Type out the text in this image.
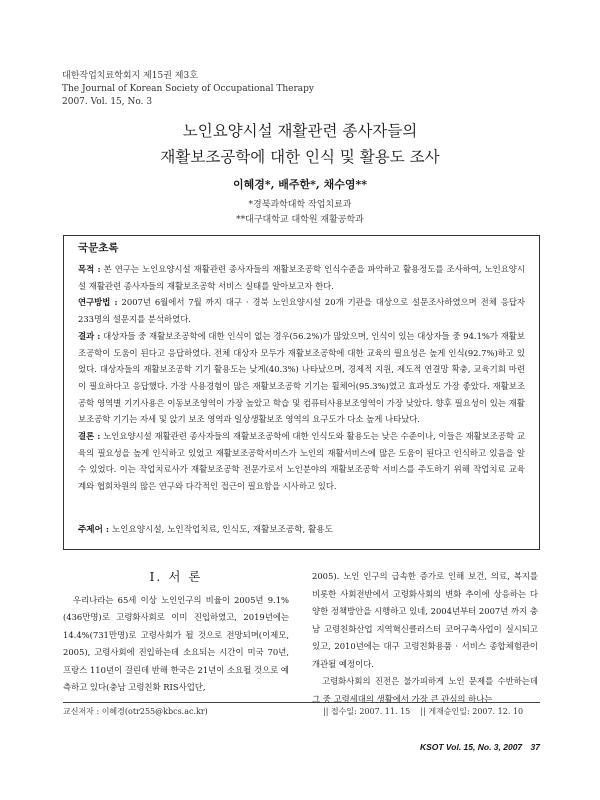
대한작업치료학회지 제15권 제3호
The Journal of Korean Society of Occupational Therapy
2007. Vol. 15, No. 3
노인요양시설 재활관련 종사자들의
재활보조공학에 대한 인식 및 활용도 조사
이혜경*, 배주한*, 채수영**
*경북과학대학 작업치료과
**대구대학교 대학원 재활공학과
국문초록
목적 : 본 연구는 노인요양시설 재활관련 종사자들의 재활보조공학 인식수준을 파악하고 활용정도를 조사하여, 노인요양시설 재활관련 종사자들의 재활보조공학 서비스 실태를 알아보고자 한다.
연구방법 : 2007년 6월에서 7월 까지 대구 · 경북 노인요양시설 20개 기관을 대상으로 설문조사하였으며 전체 응답자 233명의 설문지를 분석하였다.
결과 : 대상자들 중 재활보조공학에 대한 인식이 없는 경우(56.2%)가 많았으며, 인식이 있는 대상자들 중 94.1%가 재활보조공학이 도움이 된다고 응답하였다. 전체 대상자 모두가 재활보조공학에 대한 교육의 필요성은 높게 인식(92.7%)하고 있었다. 대상자들의 재활보조공학 기기 활용도는 낮게(40.3%) 나타났으며, 경제적 지원, 제도적 연결망 확충, 교육기회 마련이 필요하다고 응답했다. 가장 사용경험이 많은 재활보조공학 기기는 휠체어(95.3%)였고 효과성도 가장 좋았다. 재활보조공학 영역별 기기사용은 이동보조영역이 가장 높았고 학습 및 컴퓨터사용보조영역이 가장 낮았다. 향후 필요성이 있는 재활보조공학 기기는 자세 및 앉기 보조 영역과 일상생활보조 영역의 요구도가 다소 높게 나타났다.
결론 : 노인요양시설 재활관련 종사자들의 재활보조공학에 대한 인식도와 활용도는 낮은 수준이나, 이들은 재활보조공학 교육의 필요성을 높게 인식하고 있었고 재활보조공학서비스가 노인의 재활서비스에 많은 도움이 된다고 인식하고 있음을 알 수 있었다. 이는 작업치료사가 재활보조공학 전문가로서 노인분야의 재활보조공학 서비스를 주도하기 위해 작업치료 교육계와 협회차원의 많은 연구와 다각적인 접근이 필요함을 시사하고 있다.
주제어 : 노인요양시설, 노인작업치료, 인식도, 재활보조공학, 활용도
Ⅰ. 서 론
우리나라는 65세 이상 노인인구의 비율이 2005년 9.1%(436만명)로 고령화사회로 이미 진입하였고, 2019년에는 14.4%(731만명)로 고령사회가 될 것으로 전망되며(이제모, 2005), 고령사회에 진입하는데 소요되는 시간이 미국 70년, 프랑스 110년이 걸린데 반해 한국은 21년이 소요될 것으로 예측하고 있다(충남 고령친화 RIS사업단,
2005). 노인 인구의 급속한 증가로 인해 보건, 의료, 복지를 비롯한 사회전반에서 고령화사회의 변화 추이에 상응하는 다양한 정책방안을 시행하고 있네, 2004년부터 2007년 까지 충남 고령친화산업 지역혁신클러스터 코어구축사업이 실시되고 있고, 2010년에는 대구 고령친화용품 · 서비스 종합체험관이 개관될 예정이다.
고령화사회의 진전은 불가피하게 노인 문제를 수반하는데 그 중 고령세대의 생활에서 가장 큰 관심의 하나는
교신저자 : 이혜경(otr255@kbcs.ac.kr)	|| 접수일: 2007. 11. 15 || 게재승인일: 2007. 12. 10
KSOT Vol. 15, No. 3, 2007 37
